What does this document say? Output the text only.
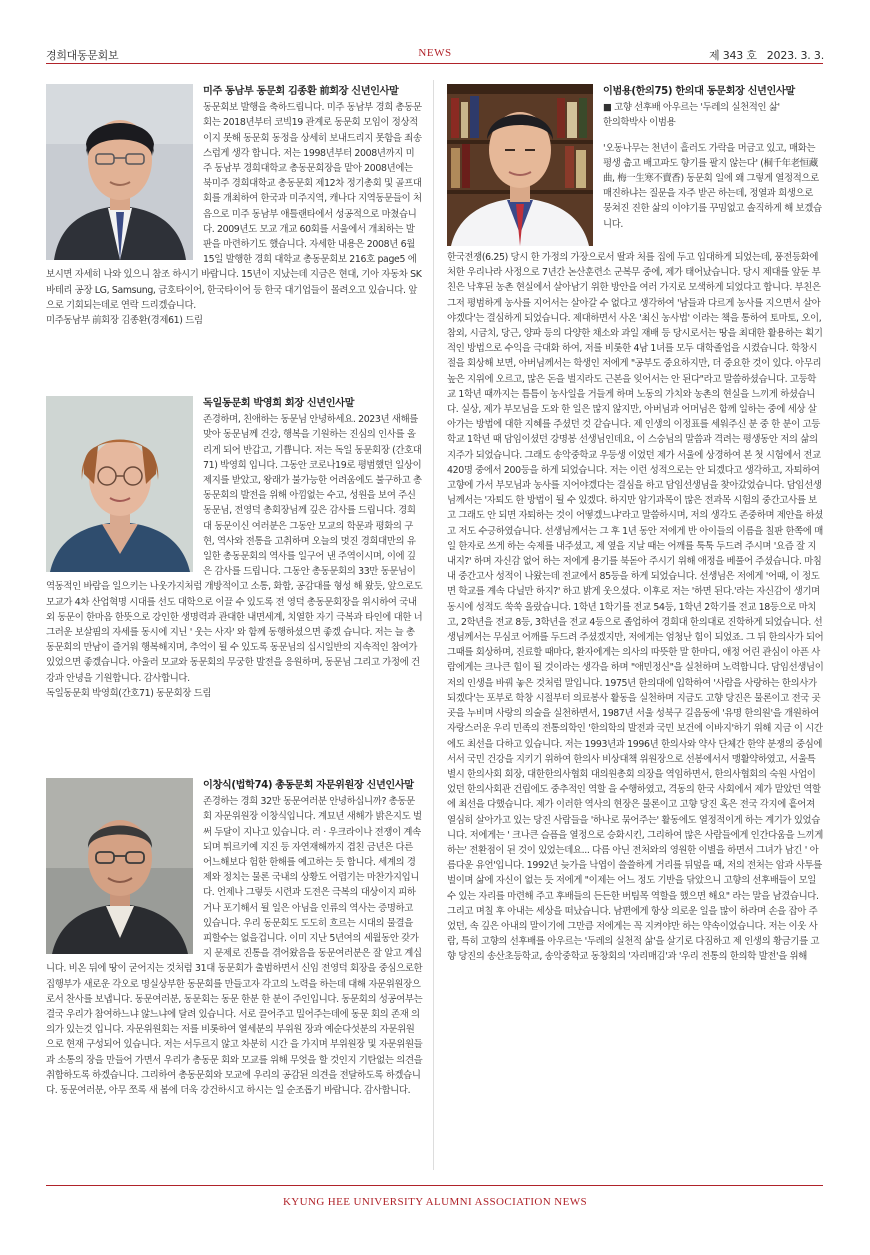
경희대동문회보	NEWS	제 343 호 2023. 3. 3.
미주 동남부 동문회 김종환 前회장 신년인사말
동문회보 발행을 축하드립니다. 미주 동남부 경희 총동문회는 2018년부터 코빅19 관계로 동문회 모임이 정상적이지 못해 동문회 동정을 상세히 보내드리지 못함을 죄송스럽게 생각 합니다. 저는 1998년부터 2008년까지 미주 동남부 경희대학교 총동문회장을 맡아 2008년에는 북미주 경희대학교 총동문회 제12차 정기총회 및 골프대회를 개최하여 한국과 미주지역, 캐나다 지역동문들이 처음으로 미주 동남부 애틀랜타에서 성공적으로 마쳤습니다. 2009년도 모교 개교 60회를 서울에서 개최하는 발판을 마련하기도 했습니다. 자세한 내용은 2008년 6월 15일 발행한 경희 대학교 총동문회보 216호 page5 에보시면 자세히 나와 있으니 참조 하시기 바랍니다. 15년이 지났는데 지금은 현대, 기아 자동차 SK 바테리 공장 LG, Samsung, 금호타이어, 한국타이어 등 한국 대기업들이 몰려오고 있습니다. 앞으로 기회되는데로 연락 드리겠습니다.
미주동남부 前회장 김종환(경제61) 드림
독일동문회 박영희 회장 신년인사말
존경하며, 친애하는 동문님 안녕하세요. 2023년 새해를 맞아 동문님께 건강, 행복을 기원하는 진심의 인사를 올리게 되어 반갑고, 기쁩니다. 저는 독일 동문회장 (간호대 71) 박영희 입니다. 그동안 코로나19로 평범했던 일상이 제지를 받았고, 왕래가 불가능한 어려움에도 불구하고 총동문회의 발전을 위해 아낌없는 수고, 성원을 보여 주신 동문님, 전영덕 총회장님께 깊은 감사를 드립니다. 경희대 동문이신 여러분은 그동안 모교의 학문과 평화의 구현, 역사와 전통을 고취하며 오늘의 멋진 경희대만의 유일한 총동문회의 역사를 일구어 낸 주역이시며, 이에 깊은 감사를 드립니다. 그동안 총동문회의 33만 동문님이 역동적인 바람을 일으키는 나웃가지처럼 개방적이고 소통, 화합, 공감대를 형성 해 왔듯, 앞으로도 모교가 4차 산업혁명 시대를 선도 대학으로 이끌 수 있도록 전 영덕 총동문회장을 위시하여 국내외 동문이 한마음 한뜻으로 강인한 생명력과 관대한 내면세계, 치열한 자기 극복과 타인에 대한 너그러운 보살핌의 자세를 동시에 지닌 ' 웃는 사자' 와 함께 동행하셨으면 좋겠 습니다. 저는 늘 총동문회의 만남이 즐거워 행복해지며, 추억이 될 수 있도록 동문님의 십시일반의 지속적인 참여가 있었으면 좋겠습니다. 아울러 모교와 동문회의 무궁한 발전을 응원하며, 동문님 그리고 가정에 건강과 안녕을 기원합니다. 감사합니다.
독일동문회 박영희(간호71) 동문회장 드림
이창식(법학74) 총동문회 자문위원장 신년인사말
존경하는 경희 32만 동문여러분 안녕하십니까? 총동문회 자문위원장 이창식입니다. 계묘년 새해가 밝은지도 벌써 두달이 지나고 있습니다. 러 · 우크라이나 전쟁이 계속되며 튀르키예 지진 등 자연재해까지 겹친 금년은 다른 어느해보다 험한 한해를 예고하는 듯 합니다. 세계의 경제와 정치는 물론 국내의 상황도 어렵기는 마찬가지입니다. 언제나 그렇듯 시련과 도전은 극복의 대상이지 피하거나 포기해서 될 일은 아님을 인류의 역사는 증명하고 있습니다. 우리 동문회도 도도히 흐르는 시대의 물결을 피할수는 없을겁니다. 이미 지난 5년여의 세월동안 갖가지 문제로 진통을 겪어왔음을 동문여러분은 잘 알고 계십니다. 비온 뒤에 땅이 굳어지는 것처럼 31대 동문회가 출범하면서 신임 전영덕 회장을 중심으로한 집행부가 새로운 각오로 명실상부한 동문회를 만들고자 각고의 노력을 하는데 대해 자문위원장으로서 찬사를 보냅니다. 동문여러분, 동문회는 동문 한분 한 분이 주인입니다. 동문회의 성공여부는 결국 우리가 참여하느냐 않느냐에 달려 있습니다. 서로 끌어주고 밀어주는데에 동문 회의 존재 의의가 있는것 입니다. 자문위원회는 저를 비롯하여 열세분의 부위원 장과 예순다섯분의 자문위원으로 현재 구성되어 있습니다. 저는 서두르지 않고 차분히 시간 을 가지며 부위원장 및 자문위원들과 소통의 장을 만들어 가면서 우리가 총동문 회와 모교를 위해 무엇을 할 것인지 기탄없는 의견을 취합하도록 하겠습니다. 그리하여 총동문회와 모교에 우리의 공감된 의견을 전달하도록 하겠습니다. 동문여러분, 아무 쪼록 새 봄에 더욱 강건하시고 하시는 일 순조롭기 바랍니다. 감사합니다.
이범용(한의75) 한의대 동문회장 신년인사말
■ 고향 선후배 아우르는 '두레의 실천적인 삶'
한의학박사 이범용
'오동나무는 천년이 흘러도 가락을 머금고 있고, 매화는 평생 춥고 배고파도 향기를 팔지 않는다' (桐千年老恒藏曲, 梅一生寒不賣香) 동문회 일에 왜 그렇게 열정적으로 매진하냐는 질문을 자주 받곤 하는데, 정열과 희생으로 뭉쳐진 진한 삶의 이야기를 꾸밈없고 솔직하게 해 보겠습니다.
한국전쟁(6.25) 당시 한 가정의 가장으로서 딸과 처를 집에 두고 입대하게 되었는데, 풍전등화에 처한 우리나라 사정으로 7년간 논산훈련소 군복무 중에, 제가 태어났습니다. 당시 제대를 앞둔 부친은 낙후된 농촌 현실에서 살아남기 위한 방안을 여러 가지로 모색하게 되었다고 합니다. 부친은 그저 평범하게 농사를 지어서는 살아갈 수 없다고 생각하여 '남들과 다르게 농사를 지으면서 살아야겠다'는 결심하게 되었습니다. 제대하면서 사온 '최신 농사법' 이라는 책을 통하여 토마토, 오이, 참외, 시금치, 당근, 양파 등의 다양한 채소와 과일 재배 등 당시로서는 땅을 최대한 활용하는 획기적인 방법으로 수익을 극대화 하여, 저를 비롯한 4남 1녀를 모두 대학졸업을 시켰습니다. 학창시절을 회상해 보면, 아버님께서는 학생인 저에게 "공부도 중요하지만, 더 중요한 것이 있다. 아무리 높은 지위에 오르고, 많은 돈을 벌지라도 근본을 잊어서는 안 된다"라고 말씀하셨습니다. 고등학교 1학년 때까지는 틈틈이 농사일을 거들게 하며 노동의 가치와 농촌의 현실을 느끼게 하셨습니다. 실상, 제가 부모님을 도와 한 일은 많지 않지만, 아버님과 어머님은 함께 일하는 중에 세상 살아가는 방법에 대한 지혜를 주셨던 것 같습니다. 제 인생의 이정표를 세워주신 분 중 한 분이 고등학교 1학년 때 담임이셨던 강명봉 선생님인데요, 이 스승님의 말씀과 격려는 평생동안 저의 삶의 지주가 되었습니다. 그래도 송악중학교 우등생 이었던 제가 서울에 상경하여 본 첫 시험에서 전교 420명 중에서 200등을 하게 되었습니다. 저는 이런 성적으로는 안 되겠다고 생각하고, 자퇴하여 고향에 가서 부모님과 농사를 지어야겠다는 결심을 하고 담임선생님을 찾아갔었습니다. 담임선생님께서는 '자퇴도 한 방법이 될 수 있겠다. 하지만 암기과목이 많은 전과목 시험의 중간고사를 보고 그래도 안 되면 자퇴하는 것이 어떻겠느냐'라고 말씀하시며, 저의 생각도 존중하며 제안을 하셨고 저도 수긍하였습니다. 선생님께서는 그 후 1년 동안 저에게 반 아이들의 이름을 칠판 한쪽에 매일 한자로 쓰게 하는 숙제를 내주셨고, 제 옆을 지날 때는 어깨를 툭툭 두드려 주시며 '요즘 잘 지내지?' 하며 자신감 없어 하는 저에게 용기를 북돋아 주시기 위해 애정을 베풀어 주셨습니다. 마침내 중간고사 성적이 나왔는데 전교에서 85등을 하게 되었습니다. 선생님은 저에게 '어때, 이 정도면 학교를 계속 다닐만 하지?' 하고 밝게 웃으셨다. 이후로 저는 '하면 된다.'라는 자신감이 생기며 동시에 성적도 쑥쑥 올랐습니다. 1학년 1학기를 전교 54등, 1학년 2학기를 전교 18등으로 마치고, 2학년을 전교 8등, 3학년을 전교 4등으로 졸업하여 경희대 한의대로 진학하게 되었습니다. 선생님께서는 무심코 어깨를 두드려 주셨겠지만, 저에게는 엄청난 힘이 되었죠. 그 뒤 한의사가 되어 그때를 회상하며, 진료할 때마다, 환자에게는 의사의 따뜻한 말 한마디, 애정 어린 관심이 아픈 사람에게는 크나큰 힘이 될 것이라는 생각을 하며 "애민정신"을 실천하며 노력합니다. 담임선생님이 저의 인생을 바꿔 놓은 것처럼 말입니다. 1975년 한의대에 입학하여 '사람을 사랑하는 한의사가 되겠다'는 포부로 학창 시절부터 의료봉사 활동을 실천하며 지금도 고향 당진은 물론이고 전국 곳곳을 누비며 사랑의 의술을 실천하면서, 1987년 서울 성북구 길음동에 '유명 한의원'을 개원하여 자랑스러운 우리 민족의 전통의학인 '한의학의 발전과 국민 보건에 이바지'하기 위해 지금 이 시간에도 최선을 다하고 있습니다. 저는 1993년과 1996년 한의사와 약사 단체간 한약 분쟁의 중심에 서서 국민 건강을 지키기 위하여 한의사 비상대책 위원장으로 선봉에서서 맹활약하였고, 서울특별시 한의사회 회장, 대한한의사협회 대의원총회 의장을 역임하면서, 한의사협회의 숙원 사업이었던 한의사회관 건립에도 중추적인 역할 을 수행하였고, 격동의 한국 사회에서 제가 맡았던 역할에 최선을 다했습니다. 제가 이러한 역사의 현장은 물론이고 고향 당진 혹은 전국 각지에 흩어져 열심히 살아가고 있는 당진 사람들을 '하나로 묶어주는' 활동에도 열정적이게 하는 계기가 있었습니다. 저에게는 ' 크나큰 슬픔을 열정으로 승화시킨, 그리하여 많은 사람들에게 인간다움을 느끼게 하는' 전환점이 된 것이 있었는데요... 다름 아닌 전처와의 영원한 이별을 하면서 그녀가 남긴 ' 아름다운 유언'입니다. 1992년 늦가을 낙엽이 쓸쓸하게 거리를 뒤덮을 때, 저의 전처는 암과 사투를 벌이며 삶에 자신이 없는 듯 저에게 "이제는 어느 정도 기반을 닦았으니 고향의 선후배들이 모일 수 있는 자리를 마련해 주고 후배들의 든든한 버팀목 역할을 했으면 해요" 라는 말을 남겼습니다. 그리고 며칠 후 아내는 세상을 떠났습니다. 남편에게 항상 의로운 일을 많이 하라며 손을 잡아 주었던, 속 깊은 아내의 말이기에 그만큼 저에게는 꼭 지켜야만 하는 약속이었습니다. 저는 이웃 사람, 특히 고향의 선후배를 아우르는 '두레의 실천적 삶'을 살기로 다짐하고 제 인생의 황금기를 고향 당진의 송산초등학교, 송악중학교 동창회의 '자리매김'과 '우리 전통의 한의학 발전'을 위해
KYUNG HEE UNIVERSITY ALUMNI ASSOCIATION NEWS
